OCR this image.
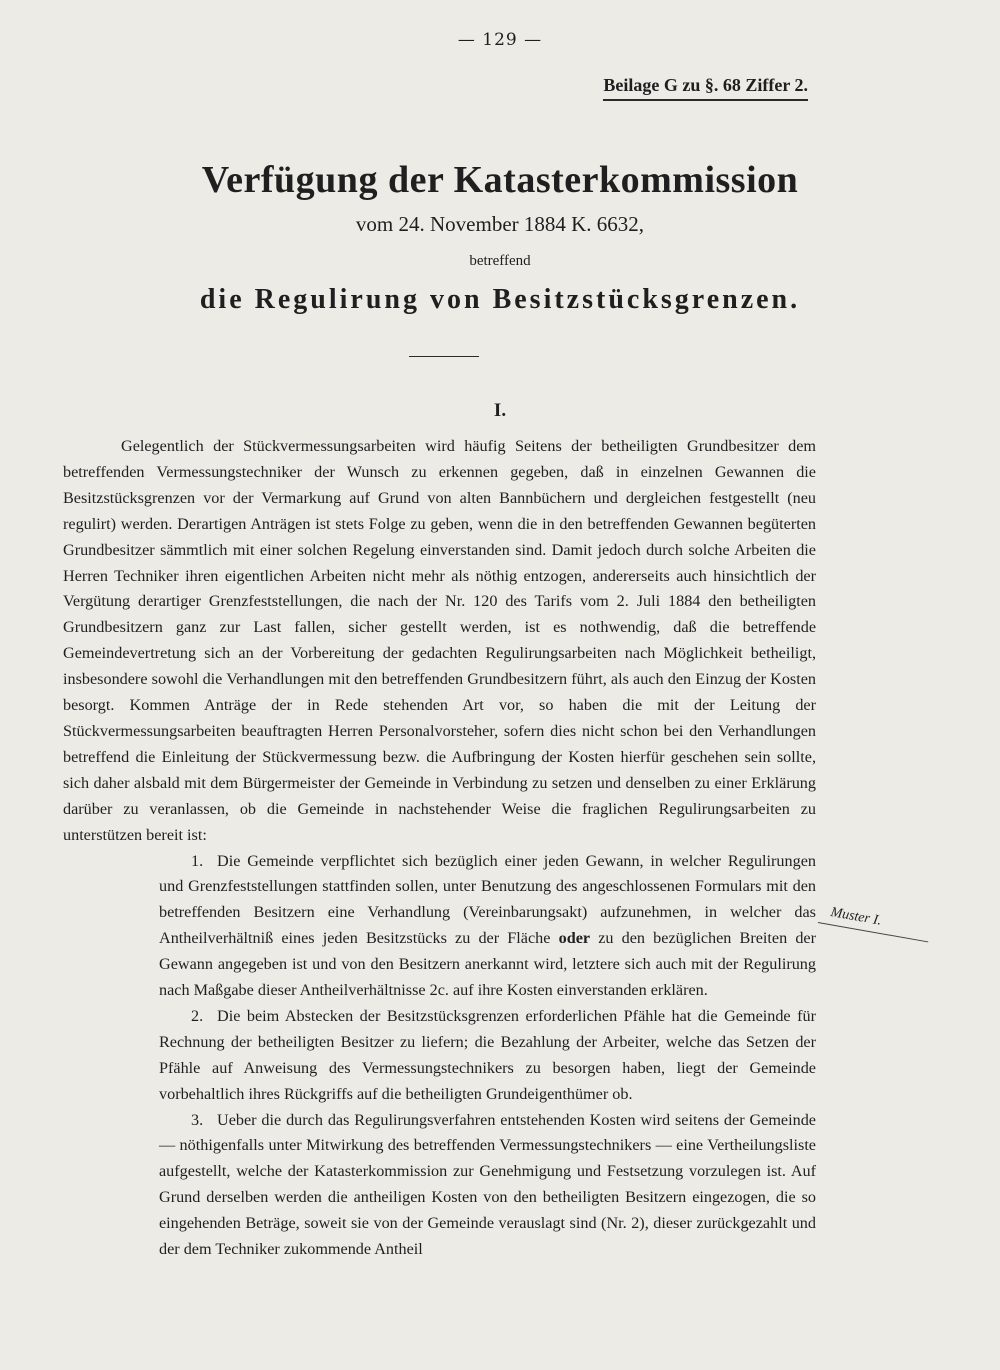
— 129 —
Beilage G zu §. 68 Ziffer 2.
Verfügung der Katasterkommission
vom 24. November 1884 K. 6632,
betreffend
die Regulirung von Besitzstücksgrenzen.
I.

Gelegentlich der Stückvermessungsarbeiten wird häufig Seitens der betheiligten Grundbesitzer dem betreffenden Vermessungstechniker der Wunsch zu erkennen gegeben, daß in einzelnen Gewannen die Besitzstücksgrenzen vor der Vermarkung auf Grund von alten Bannbüchern und dergleichen festgestellt (neu regulirt) werden. Derartigen Anträgen ist stets Folge zu geben, wenn die in den betreffenden Gewannen begüterten Grundbesitzer sämmtlich mit einer solchen Regelung einverstanden sind. Damit jedoch durch solche Arbeiten die Herren Techniker ihren eigentlichen Arbeiten nicht mehr als nöthig entzogen, andererseits auch hinsichtlich der Vergütung derartiger Grenzfeststellungen, die nach der Nr. 120 des Tarifs vom 2. Juli 1884 den betheiligten Grundbesitzern ganz zur Last fallen, sicher gestellt werden, ist es nothwendig, daß die betreffende Gemeindevertretung sich an der Vorbereitung der gedachten Regulirungsarbeiten nach Möglichkeit betheiligt, insbesondere sowohl die Verhandlungen mit den betreffenden Grundbesitzern führt, als auch den Einzug der Kosten besorgt. Kommen Anträge der in Rede stehenden Art vor, so haben die mit der Leitung der Stückvermessungsarbeiten beauftragten Herren Personalvorsteher, sofern dies nicht schon bei den Verhandlungen betreffend die Einleitung der Stückvermessung bezw. die Aufbringung der Kosten hierfür geschehen sein sollte, sich daher alsbald mit dem Bürgermeister der Gemeinde in Verbindung zu setzen und denselben zu einer Erklärung darüber zu veranlassen, ob die Gemeinde in nachstehender Weise die fraglichen Regulirungsarbeiten zu unterstützen bereit ist:

1. Die Gemeinde verpflichtet sich bezüglich einer jeden Gewann, in welcher Regulirungen und Grenzfeststellungen stattfinden sollen, unter Benutzung des angeschlossenen Formulars mit den betreffenden Besitzern eine Verhandlung (Vereinbarungsakt) aufzunehmen, in welcher das Antheilverhältniß eines jeden Besitzstücks zu der Fläche oder zu den bezüglichen Breiten der Gewann angegeben ist und von den Besitzern anerkannt wird, letztere sich auch mit der Regulirung nach Maßgabe dieser Antheilverhältnisse 2c. auf ihre Kosten einverstanden erklären.

2. Die beim Abstecken der Besitzstücksgrenzen erforderlichen Pfähle hat die Gemeinde für Rechnung der betheiligten Besitzer zu liefern; die Bezahlung der Arbeiter, welche das Setzen der Pfähle auf Anweisung des Vermessungstechnikers zu besorgen haben, liegt der Gemeinde vorbehaltlich ihres Rückgriffs auf die betheiligten Grundeigenthümer ob.

3. Ueber die durch das Regulirungsverfahren entstehenden Kosten wird seitens der Gemeinde — nöthigenfalls unter Mitwirkung des betreffenden Vermessungstechnikers — eine Vertheilungsliste aufgestellt, welche der Katasterkommission zur Genehmigung und Festsetzung vorzulegen ist. Auf Grund derselben werden die antheiligen Kosten von den betheiligten Besitzern eingezogen, die so eingehenden Beträge, soweit sie von der Gemeinde verauslagt sind (Nr. 2), dieser zurückgezahlt und der dem Techniker zukommende Antheil

Muster I.
